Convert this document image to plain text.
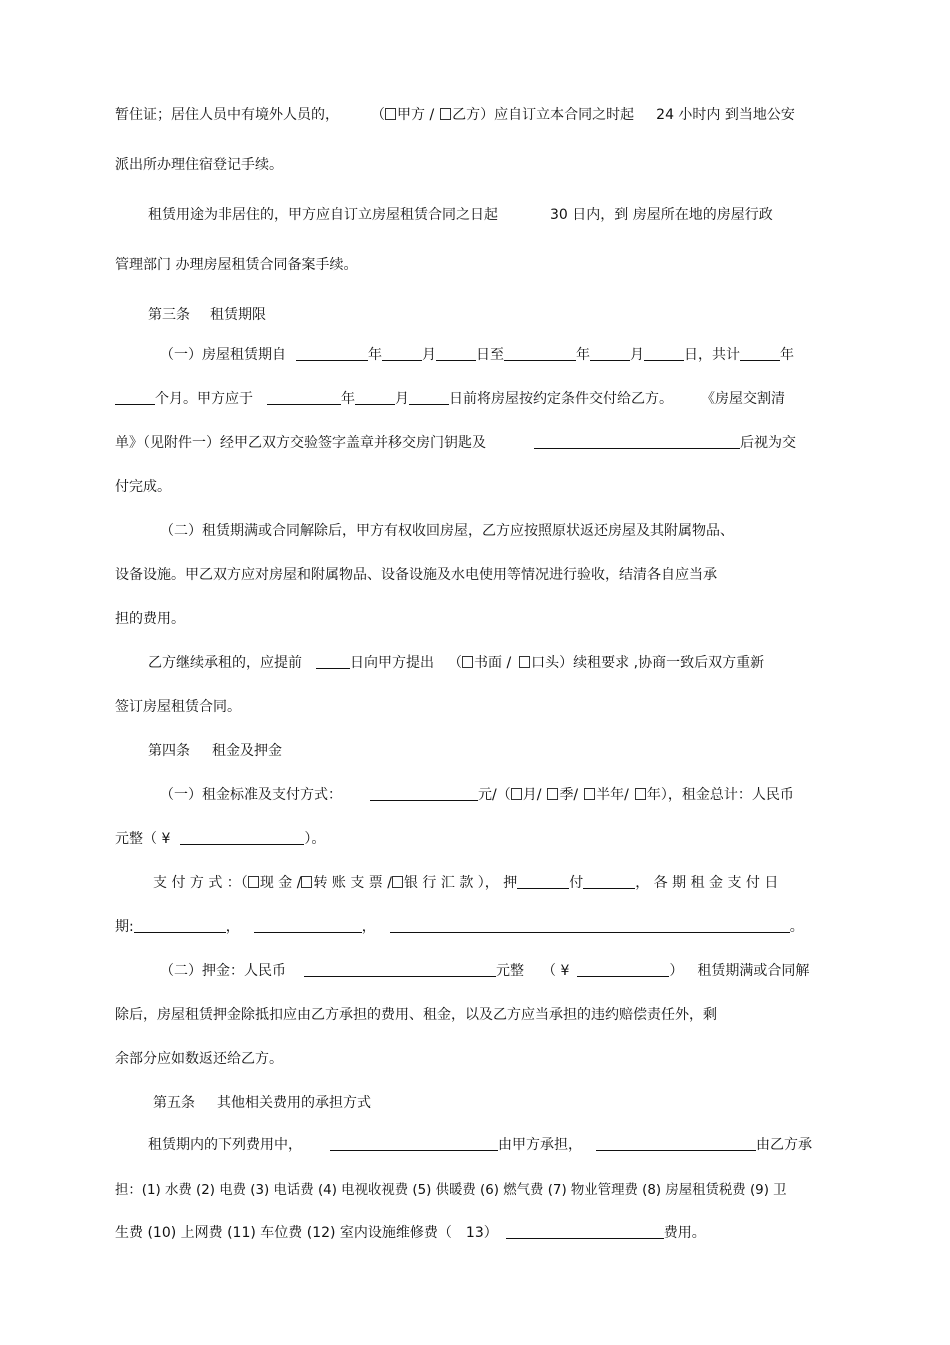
暂住证；居住人员中有境外人员的， （ 甲方 / 乙方）应自订立本合同之时起 24 小时内 到当地公安
派出所办理住宿登记手续。
租赁用途为非居住的，甲方应自订立房屋租赁合同之日起	30 日内，到 房屋所在地的房屋行政
管理部门 办理房屋租赁合同备案手续。
第三条 租赁期限
（一）房屋租赁期自	年	月	日至	年	月	日，共计	年
个月。甲方应于	年	月	日前将房屋按约定条件交付给乙方。 《房屋交割清
单》（见附件一）经甲乙双方交验签字盖章并移交房门钥匙及	后视为交
付完成。
（二）租赁期满或合同解除后，甲方有权收回房屋，乙方应按照原状返还房屋及其附属物品、
设备设施。甲乙双方应对房屋和附属物品、设备设施及水电使用等情况进行验收，结清各自应当承
担的费用。
乙方继续承租的，应提前	日向甲方提出 （ 书面 / 口头）续租要求 ,协商一致后双方重新
签订房屋租赁合同。
第四条 租金及押金
（一）租金标准及支付方式：	元/（ 月/ 季/ 半年/ 年），租金总计：人民币
元整（ ¥	）。
支 付 方 式 ：（ 现 金 / 转 账 支 票 / 银 行 汇 款 ）， 押	付	， 各 期 租 金 支 付 日
期:	，	，	。
（二）押金：人民币	元整 （ ¥	） 租赁期满或合同解
除后，房屋租赁押金除抵扣应由乙方承担的费用、租金，以及乙方应当承担的违约赔偿责任外，剩
余部分应如数返还给乙方。
第五条 其他相关费用的承担方式
租赁期内的下列费用中，	由甲方承担，	由乙方承
担：(1) 水费 (2) 电费 (3) 电话费 (4) 电视收视费 (5) 供暖费 (6) 燃气费 (7) 物业管理费 (8) 房屋租赁税费 (9) 卫
生费 (10) 上网费 (11) 车位费 (12) 室内设施维修费（ 13）	费用。
